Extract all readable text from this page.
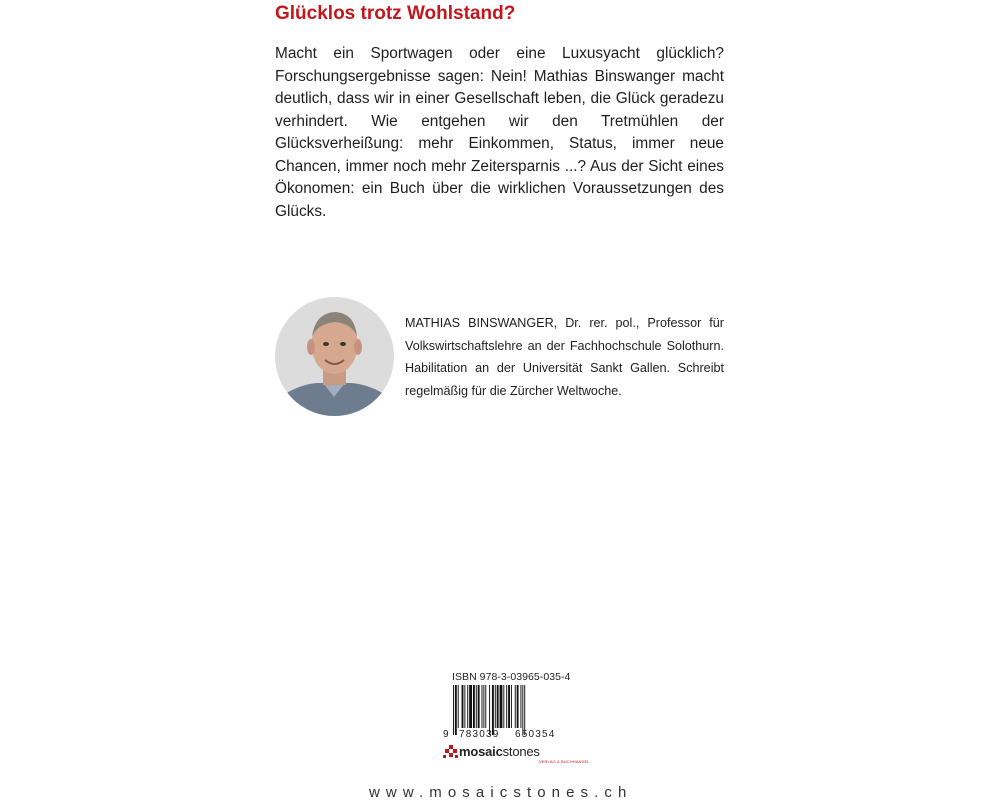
Glücklos trotz Wohlstand?

Macht ein Sportwagen oder eine Luxusyacht glücklich? Forschungsergebnisse sagen: Nein! Mathias Binswanger macht deutlich, dass wir in einer Gesellschaft leben, die Glück geradezu verhindert. Wie entgehen wir den Tretmühlen der Glücksverheißung: mehr Einkommen, Status, immer neue Chancen, immer noch mehr Zeitersparnis ...? Aus der Sicht eines Ökonomen: ein Buch über die wirklichen Voraussetzungen des Glücks.

MATHIAS BINSWANGER, Dr. rer. pol., Professor für Volkswirtschaftslehre an der Fachhochschule Solothurn. Habilitation an der Universität Sankt Gallen. Schreibt regelmäßig für die Zürcher Weltwoche.

ISBN 978-3-03965-035-4
9 783039 650354
mosaicstones
VERLAG & BUCHHANDEL
www.mosaicstones.ch
